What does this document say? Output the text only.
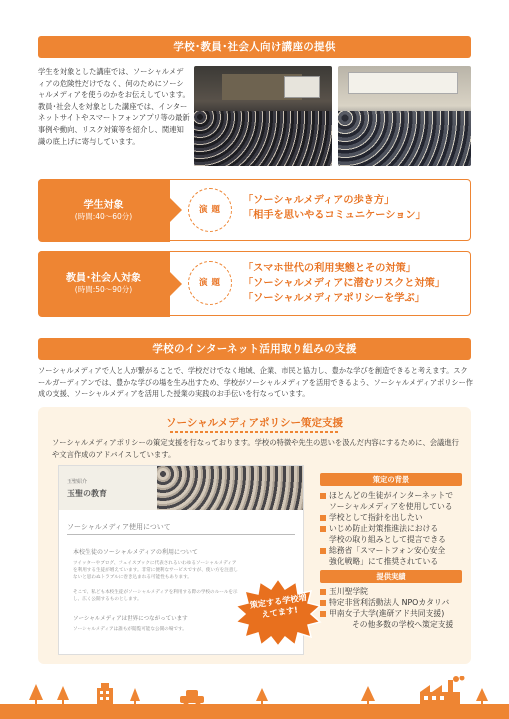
学校･教員･社会人向け講座の提供

学生を対象とした講座では、ソーシャルメディアの危険性だけでなく、何のためにソーシャルメディアを使うのかをお伝えしています。教員･社会人を対象とした講座では、インターネットサイトやスマートフォンアプリ等の最新事例や動向、リスク対策等を紹介し、関連知識の底上げに寄与しています。

学生対象
(時間:40〜60分)
演題
「ソーシャルメディアの歩き方」
「相手を思いやるコミュニケーション」
教員･社会人対象
(時間:50〜90分)
演題
「スマホ世代の利用実態とその対策」
「ソーシャルメディアに潜むリスクと対策」
「ソーシャルメディアポリシーを学ぶ」
学校のインターネット活用取り組みの支援

ソーシャルメディアで人と人が繋がることで、学校だけでなく地域、企業、市民と協力し、豊かな学びを創造できると考えます。スクールガーディアンでは、豊かな学びの場を生み出すため、学校がソーシャルメディアを活用できるよう、ソーシャルメディアポリシー作成の支援、ソーシャルメディアを活用した授業の実践のお手伝いを行なっています。

ソーシャルメディアポリシー策定支援

ソーシャルメディアポリシーの策定支援を行なっております。学校の特徴や先生の思いを汲んだ内容にするために、会議進行や文言作成のアドバイスしています。

玉聖紹介
玉聖の教育
ソーシャルメディア使用について
本校生徒のソーシャルメディアの利用について
ツイッターやブログ、フェイスブックに代表されるいわゆるソーシャルメディアを利用する生徒が増えています。非常に便利なサービスですが、使い方を注意しないと思わぬトラブルに巻き込まれる可能性もあります。
そこで、私ども本校生徒がソーシャルメディアを利用する際の学校のルールを示し、広く公開するものとします。
ソーシャルメディアは世界につながっています
ソーシャルメディアは誰もが閲覧可能な公開の場です。
策定する学校増えてます!
策定の背景
ほとんどの生徒がインターネットで
ソーシャルメディアを使用している
学校として指針を出したい
いじめ防止対策推進法における
学校の取り組みとして提言できる
総務省「スマートフォン安心安全
強化戦略」にて推奨されている
提供実績
玉川聖学院
特定非営利活動法人 NPOカタリバ
甲南女子大学(進研アド共同支援)
その他多数の学校へ策定支援
